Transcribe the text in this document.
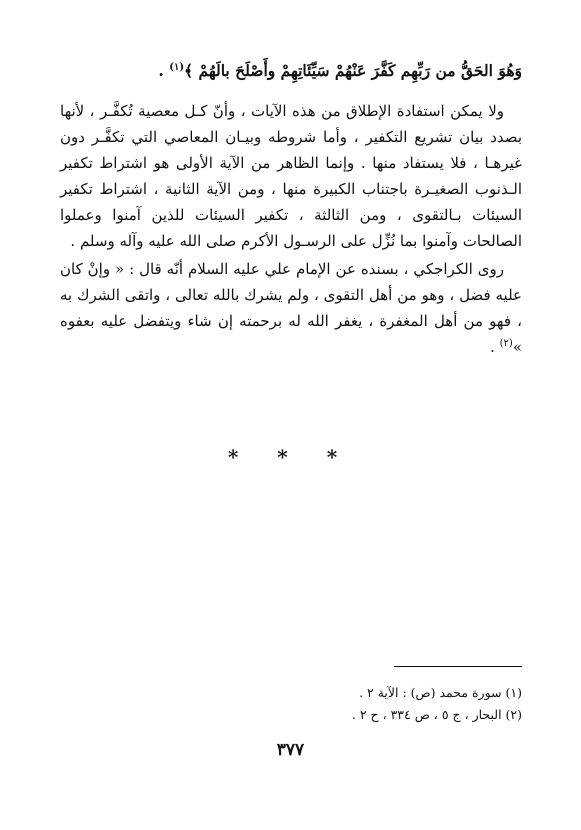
وَهُوَ الحَقُّ من رَبِّهِم كَفَّرَ عَنْهُمْ سَيِّئَاتِهِمْ وأَصْلَحَ بالَهُمْ ﴾$^{(١)}$ .

ولا يمكن استفادة الإطلاق من هذه الآيات ، وأنّ كـل معصية تُكفَّـر ، لأنها بصدد بيان تشريع التكفير ، وأما شروطه وبيـان المعاصي التي تكفَّـر دون غيرهـا ، فلا يستفاد منها . وإنما الظاهر من الآية الأولى هو اشتراط تكفير الـذنوب الصغيـرة باجتناب الكبيرة منها ، ومن الآية الثانية ، اشتراط تكفير السيئات بـالتقوى ، ومن الثالثة ، تكفير السيئات للذين آمنوا وعملوا الصالحات وآمنوا بما نُزِّل على الرسـول الأكرم صلى الله عليه وآله وسلم .

روى الكراجكي ، بسنده عن الإمام علي عليه السلام أنّه قال : « وإنْ كان عليه فضل ، وهو من أهل التقوى ، ولم يشرك بالله تعالى ، واتقى الشرك به ، فهو من أهل المغفرة ، يغفر الله له برحمته إن شاء ويتفضل عليه بعفوه »$^{(٢)}$ .

* * *
(١) سورة محمد (ص) : الآية ٢ .
(٢) البحار ، ج ٥ ، ص ٣٣٤ ، ح ٢ .
٣٧٧
